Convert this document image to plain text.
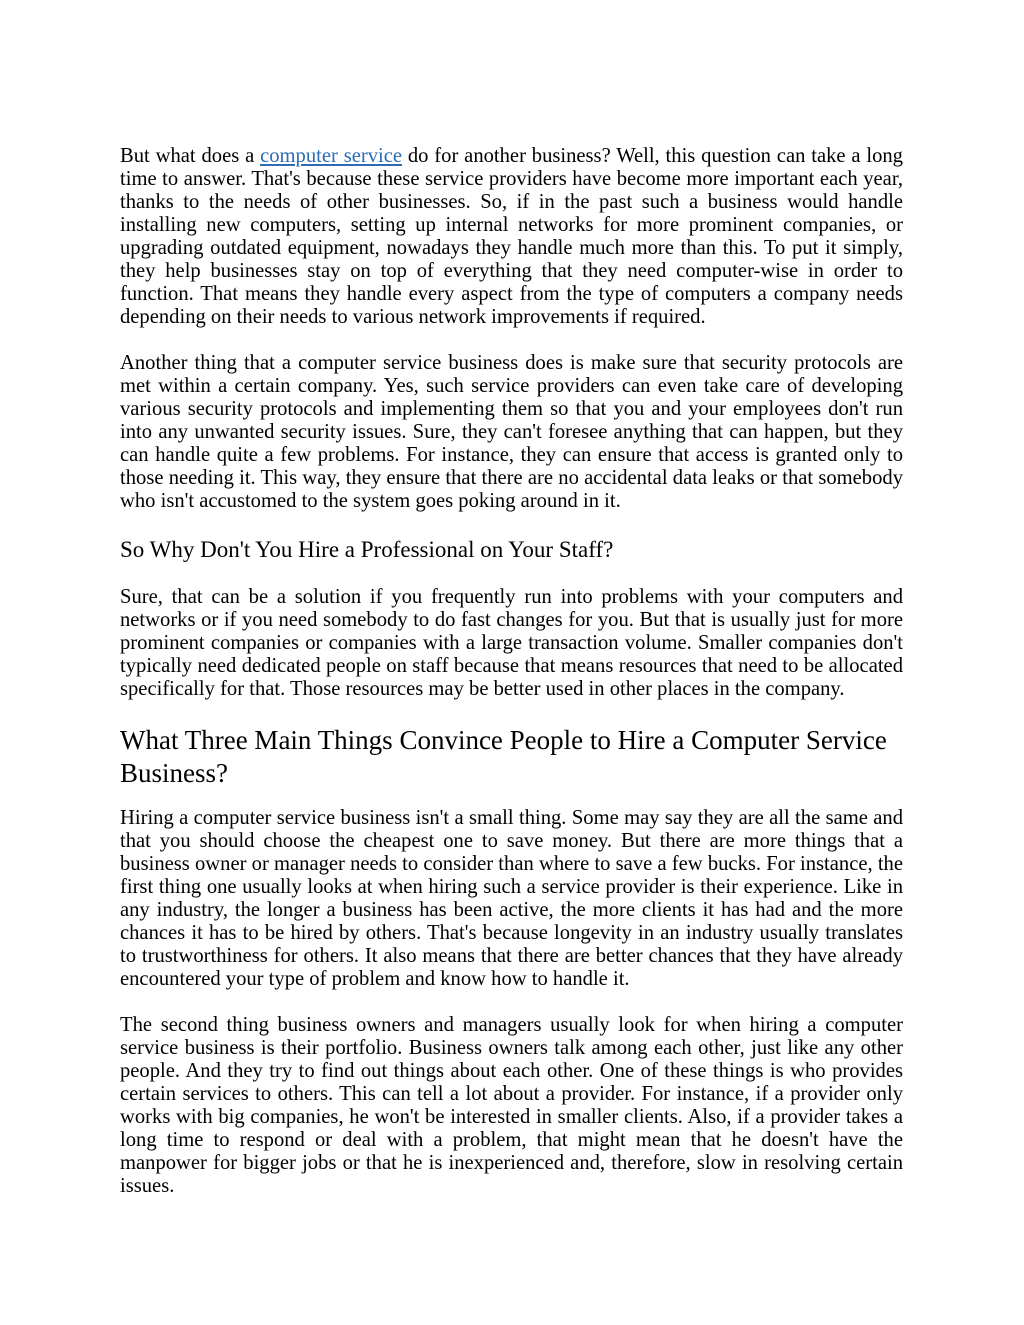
But what does a computer service do for another business? Well, this question can take a long time to answer. That's because these service providers have become more important each year, thanks to the needs of other businesses. So, if in the past such a business would handle installing new computers, setting up internal networks for more prominent companies, or upgrading outdated equipment, nowadays they handle much more than this. To put it simply, they help businesses stay on top of everything that they need computer-wise in order to function. That means they handle every aspect from the type of computers a company needs depending on their needs to various network improvements if required.

Another thing that a computer service business does is make sure that security protocols are met within a certain company. Yes, such service providers can even take care of developing various security protocols and implementing them so that you and your employees don't run into any unwanted security issues. Sure, they can't foresee anything that can happen, but they can handle quite a few problems. For instance, they can ensure that access is granted only to those needing it. This way, they ensure that there are no accidental data leaks or that somebody who isn't accustomed to the system goes poking around in it.

So Why Don't You Hire a Professional on Your Staff?

Sure, that can be a solution if you frequently run into problems with your computers and networks or if you need somebody to do fast changes for you. But that is usually just for more prominent companies or companies with a large transaction volume. Smaller companies don't typically need dedicated people on staff because that means resources that need to be allocated specifically for that. Those resources may be better used in other places in the company.

What Three Main Things Convince People to Hire a Computer Service Business?

Hiring a computer service business isn't a small thing. Some may say they are all the same and that you should choose the cheapest one to save money. But there are more things that a business owner or manager needs to consider than where to save a few bucks. For instance, the first thing one usually looks at when hiring such a service provider is their experience. Like in any industry, the longer a business has been active, the more clients it has had and the more chances it has to be hired by others. That's because longevity in an industry usually translates to trustworthiness for others. It also means that there are better chances that they have already encountered your type of problem and know how to handle it.

The second thing business owners and managers usually look for when hiring a computer service business is their portfolio. Business owners talk among each other, just like any other people. And they try to find out things about each other. One of these things is who provides certain services to others. This can tell a lot about a provider. For instance, if a provider only works with big companies, he won't be interested in smaller clients. Also, if a provider takes a long time to respond or deal with a problem, that might mean that he doesn't have the manpower for bigger jobs or that he is inexperienced and, therefore, slow in resolving certain issues.
